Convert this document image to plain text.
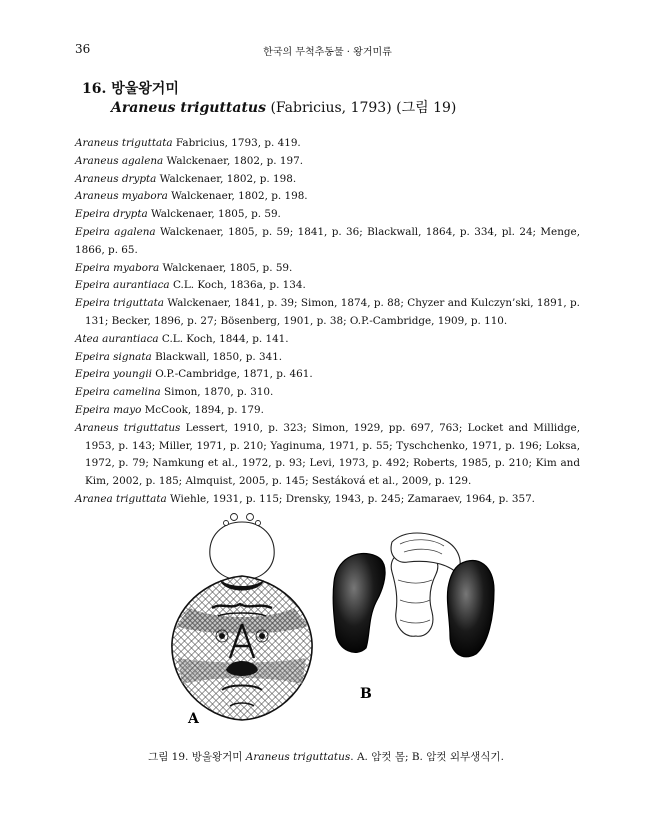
36	한국의 무척추동물 · 왕거미류
16. 방울왕거미
Araneus triguttatus (Fabricius, 1793) (그림 19)
Araneus triguttata Fabricius, 1793, p. 419.
Araneus agalena Walckenaer, 1802, p. 197.
Araneus drypta Walckenaer, 1802, p. 198.
Araneus myabora Walckenaer, 1802, p. 198.
Epeira drypta Walckenaer, 1805, p. 59.
Epeira agalena Walckenaer, 1805, p. 59; 1841, p. 36; Blackwall, 1864, p. 334, pl. 24; Menge, 1866, p. 65.
Epeira myabora Walckenaer, 1805, p. 59.
Epeira aurantiaca C.L. Koch, 1836a, p. 134.
Epeira triguttata Walckenaer, 1841, p. 39; Simon, 1874, p. 88; Chyzer and Kulczyn’ski, 1891, p. 131; Becker, 1896, p. 27; Bösenberg, 1901, p. 38; O.P.-Cambridge, 1909, p. 110.
Atea aurantiaca C.L. Koch, 1844, p. 141.
Epeira signata Blackwall, 1850, p. 341.
Epeira youngii O.P.-Cambridge, 1871, p. 461.
Epeira camelina Simon, 1870, p. 310.
Epeira mayo McCook, 1894, p. 179.
Araneus triguttatus Lessert, 1910, p. 323; Simon, 1929, pp. 697, 763; Locket and Millidge, 1953, p. 143; Miller, 1971, p. 210; Yaginuma, 1971, p. 55; Tyschchenko, 1971, p. 196; Loksa, 1972, p. 79; Namkung et al., 1972, p. 93; Levi, 1973, p. 492; Roberts, 1985, p. 210; Kim and Kim, 2002, p. 185; Almquist, 2005, p. 145; Sestáková et al., 2009, p. 129.
Aranea triguttata Wiehle, 1931, p. 115; Drensky, 1943, p. 245; Zamaraev, 1964, p. 357.
A
B
그림 19. 방울왕거미 Araneus triguttatus. A. 암컷 몸; B. 암컷 외부생식기.
